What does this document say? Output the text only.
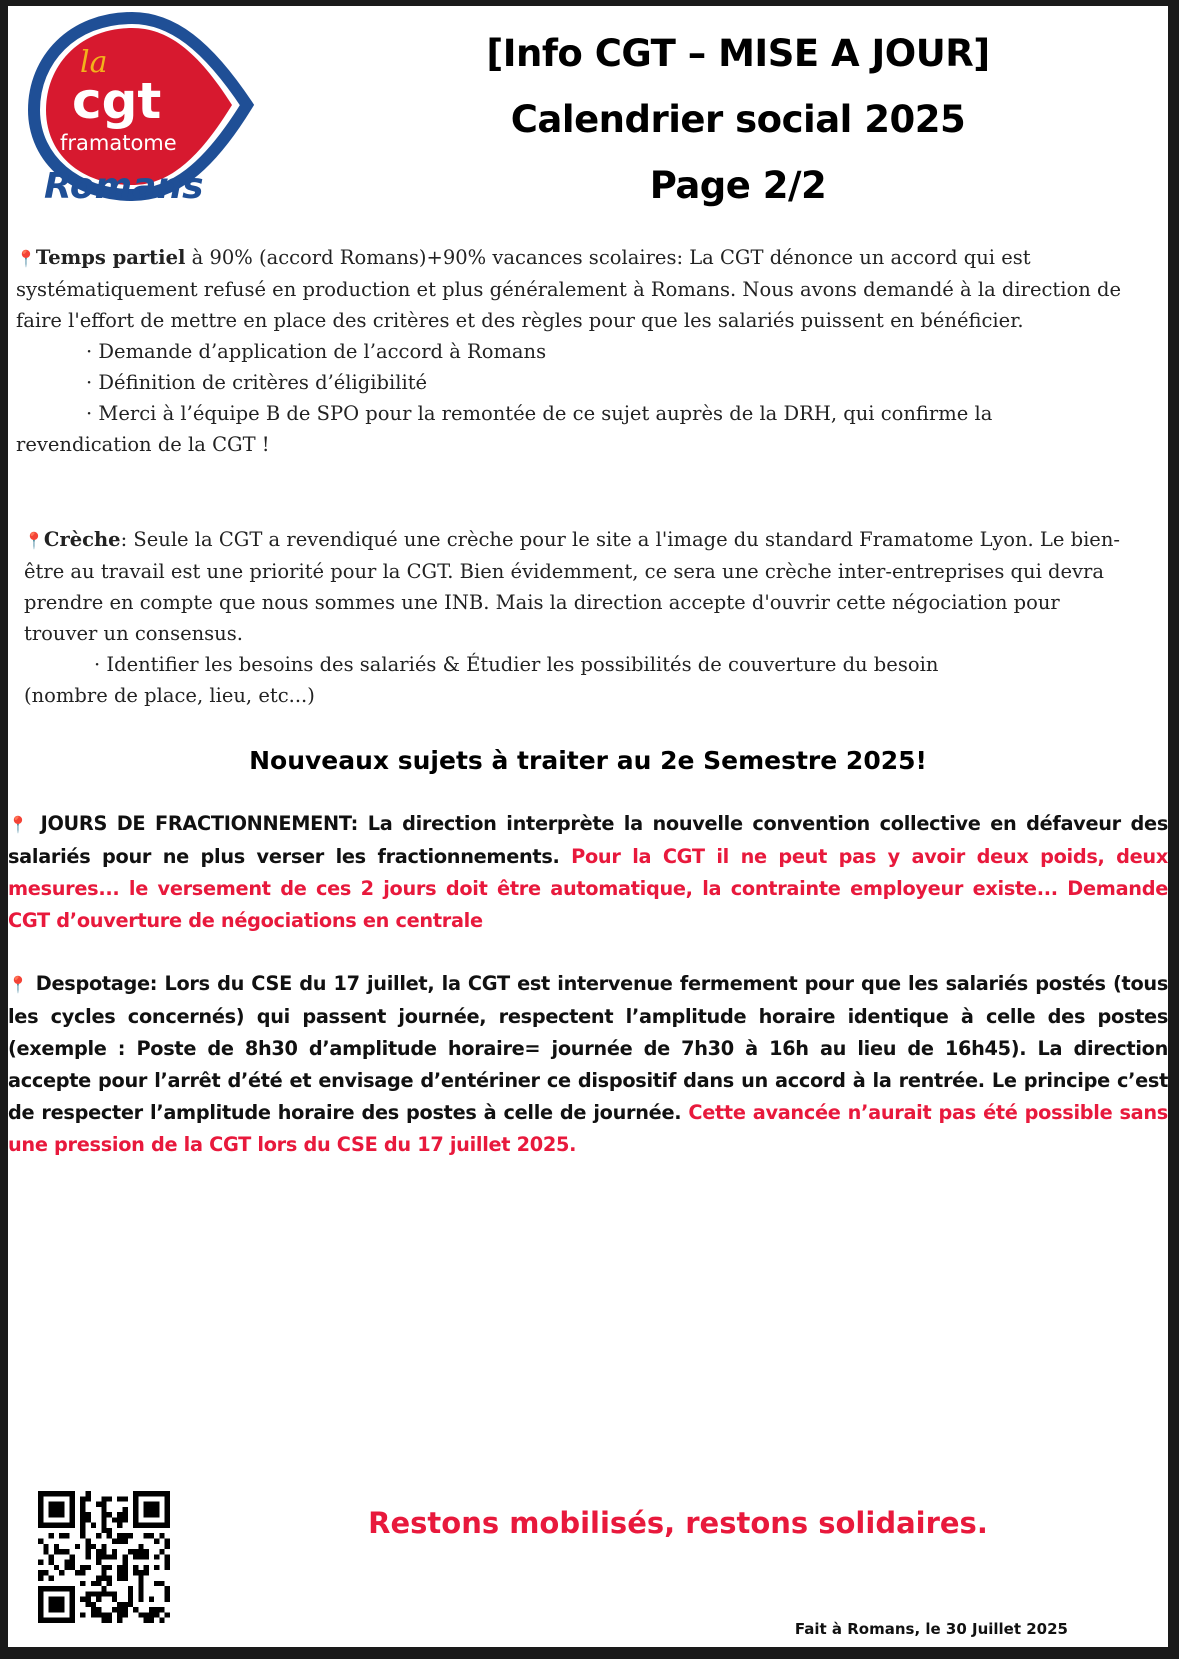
la
cgt
framatome
Romans
[Info CGT – MISE A JOUR]
Calendrier social 2025
Page 2/2

📍Temps partiel à 90% (accord Romans)+90% vacances scolaires: La CGT dénonce un accord qui est systématiquement refusé en production et plus généralement à Romans. Nous avons demandé à la direction de faire l'effort de mettre en place des critères et des règles pour que les salariés puissent en bénéficier.

· Demande d’application de l’accord à Romans

· Définition de critères d’éligibilité

· Merci à l’équipe B de SPO pour la remontée de ce sujet auprès de la DRH, qui confirme la

revendication de la CGT !

📍Crèche: Seule la CGT a revendiqué une crèche pour le site a l'image du standard Framatome Lyon. Le bien-être au travail est une priorité pour la CGT. Bien évidemment, ce sera une crèche inter-entreprises qui devra prendre en compte que nous sommes une INB. Mais la direction accepte d'ouvrir cette négociation pour trouver un consensus.

· Identifier les besoins des salariés & Étudier les possibilités de couverture du besoin

(nombre de place, lieu, etc...)

Nouveaux sujets à traiter au 2e Semestre 2025!
📍 JOURS DE FRACTIONNEMENT: La direction interprète la nouvelle convention collective en défaveur des salariés pour ne plus verser les fractionnements. Pour la CGT il ne peut pas y avoir deux poids, deux mesures... le versement de ces 2 jours doit être automatique, la contrainte employeur existe... Demande CGT d’ouverture de négociations en centrale
📍 Despotage: Lors du CSE du 17 juillet, la CGT est intervenue fermement pour que les salariés postés (tous les cycles concernés) qui passent journée, respectent l’amplitude horaire identique à celle des postes (exemple : Poste de 8h30 d’amplitude horaire= journée de 7h30 à 16h au lieu de 16h45). La direction accepte pour l’arrêt d’été et envisage d’entériner ce dispositif dans un accord à la rentrée. Le principe c’est de respecter l’amplitude horaire des postes à celle de journée. Cette avancée n’aurait pas été possible sans une pression de la CGT lors du CSE du 17 juillet 2025.
Restons mobilisés, restons solidaires.
Fait à Romans, le 30 Juillet 2025
